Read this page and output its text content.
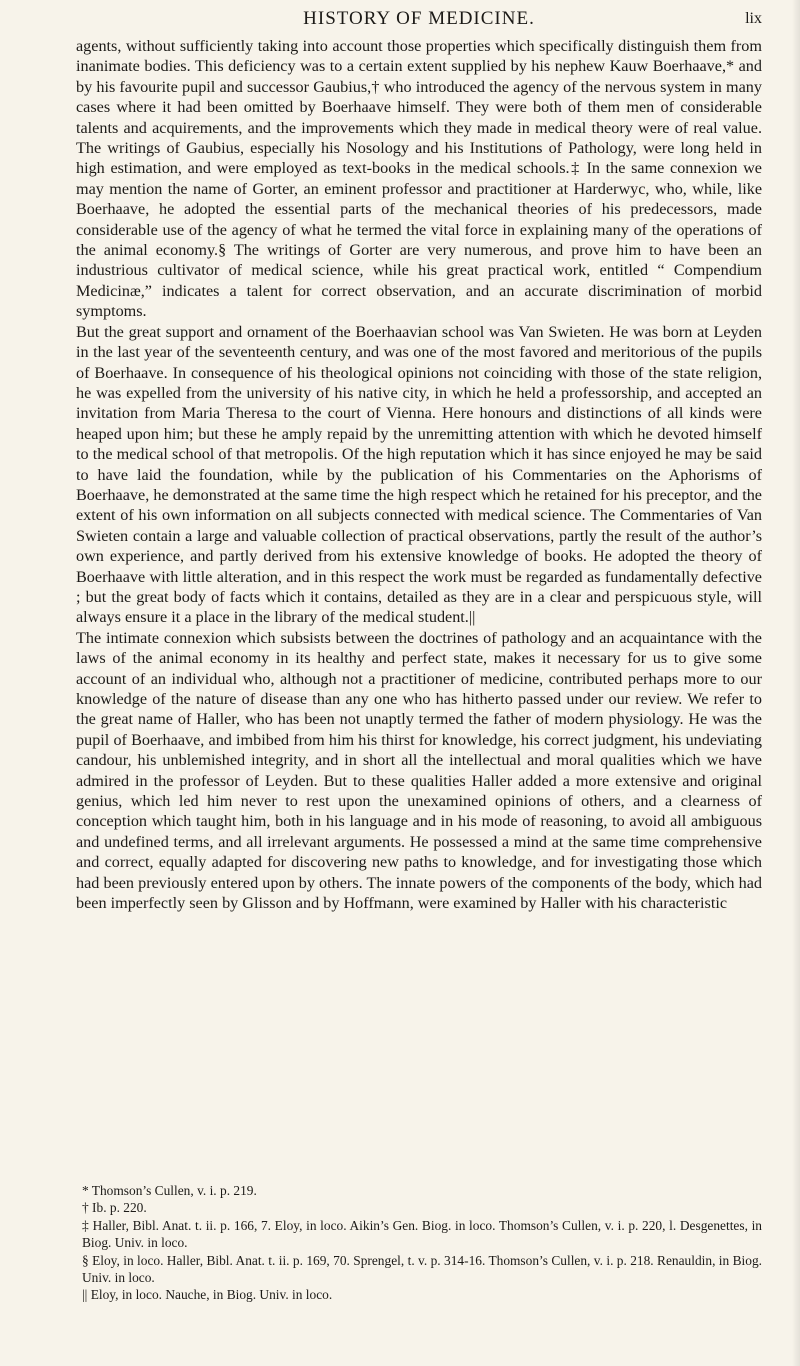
HISTORY OF MEDICINE.	lix

agents, without sufficiently taking into account those properties which specifically distinguish them from inanimate bodies. This deficiency was to a certain extent supplied by his nephew Kauw Boerhaave,* and by his favourite pupil and successor Gaubius,† who introduced the agency of the nervous system in many cases where it had been omitted by Boerhaave himself. They were both of them men of considerable talents and acquirements, and the improvements which they made in medical theory were of real value. The writings of Gaubius, especially his Nosology and his Institutions of Pathology, were long held in high estimation, and were employed as text-books in the medical schools.‡ In the same connexion we may mention the name of Gorter, an eminent professor and practitioner at Harderwyc, who, while, like Boerhaave, he adopted the essential parts of the mechanical theories of his predecessors, made considerable use of the agency of what he termed the vital force in explaining many of the operations of the animal economy.§ The writings of Gorter are very numerous, and prove him to have been an industrious cultivator of medical science, while his great practical work, entitled “ Compendium Medicinæ,” indicates a talent for correct observation, and an accurate discrimination of morbid symptoms.

But the great support and ornament of the Boerhaavian school was Van Swieten. He was born at Leyden in the last year of the seventeenth century, and was one of the most favored and meritorious of the pupils of Boerhaave. In consequence of his theological opinions not coinciding with those of the state religion, he was expelled from the university of his native city, in which he held a professorship, and accepted an invitation from Maria Theresa to the court of Vienna. Here honours and distinctions of all kinds were heaped upon him; but these he amply repaid by the unremitting attention with which he devoted himself to the medical school of that metropolis. Of the high reputation which it has since enjoyed he may be said to have laid the foundation, while by the publication of his Commentaries on the Aphorisms of Boerhaave, he demonstrated at the same time the high respect which he retained for his preceptor, and the extent of his own information on all subjects connected with medical science. The Commentaries of Van Swieten contain a large and valuable collection of practical observations, partly the result of the author’s own experience, and partly derived from his extensive knowledge of books. He adopted the theory of Boerhaave with little alteration, and in this respect the work must be regarded as fundamentally defective ; but the great body of facts which it contains, detailed as they are in a clear and perspicuous style, will always ensure it a place in the library of the medical student.||

The intimate connexion which subsists between the doctrines of pathology and an acquaintance with the laws of the animal economy in its healthy and perfect state, makes it necessary for us to give some account of an individual who, although not a practitioner of medicine, contributed perhaps more to our knowledge of the nature of disease than any one who has hitherto passed under our review. We refer to the great name of Haller, who has been not unaptly termed the father of modern physiology. He was the pupil of Boerhaave, and imbibed from him his thirst for knowledge, his correct judgment, his undeviating candour, his unblemished integrity, and in short all the intellectual and moral qualities which we have admired in the professor of Leyden. But to these qualities Haller added a more extensive and original genius, which led him never to rest upon the unexamined opinions of others, and a clearness of conception which taught him, both in his language and in his mode of reasoning, to avoid all ambiguous and undefined terms, and all irrelevant arguments. He possessed a mind at the same time comprehensive and correct, equally adapted for discovering new paths to knowledge, and for investigating those which had been previously entered upon by others. The innate powers of the components of the body, which had been imperfectly seen by Glisson and by Hoffmann, were examined by Haller with his characteristic

* Thomson’s Cullen, v. i. p. 219.

† Ib. p. 220.

‡ Haller, Bibl. Anat. t. ii. p. 166, 7. Eloy, in loco. Aikin’s Gen. Biog. in loco. Thomson’s Cullen, v. i. p. 220, l. Desgenettes, in Biog. Univ. in loco.

§ Eloy, in loco. Haller, Bibl. Anat. t. ii. p. 169, 70. Sprengel, t. v. p. 314-16. Thomson’s Cullen, v. i. p. 218. Renauldin, in Biog. Univ. in loco.

|| Eloy, in loco. Nauche, in Biog. Univ. in loco.
